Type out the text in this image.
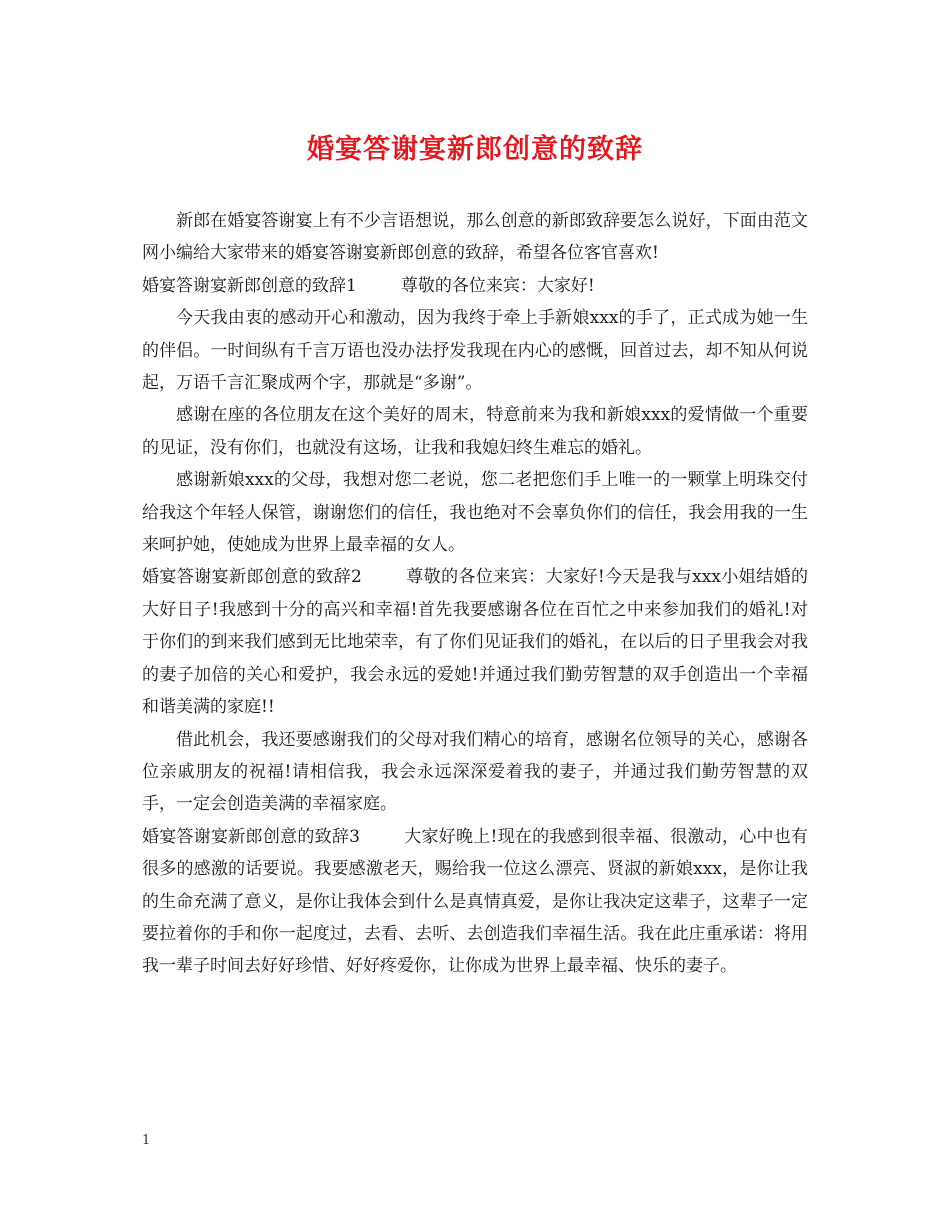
婚宴答谢宴新郎创意的致辞

新郎在婚宴答谢宴上有不少言语想说，那么创意的新郎致辞要怎么说好，下面由范文网小编给大家带来的婚宴答谢宴新郎创意的致辞，希望各位客官喜欢!

婚宴答谢宴新郎创意的致辞1	尊敬的各位来宾：大家好!

今天我由衷的感动开心和激动，因为我终于牵上手新娘xxx的手了，正式成为她一生的伴侣。一时间纵有千言万语也没办法抒发我现在内心的感慨，回首过去，却不知从何说起，万语千言汇聚成两个字，那就是“多谢”。

感谢在座的各位朋友在这个美好的周末，特意前来为我和新娘xxx的爱情做一个重要的见证，没有你们，也就没有这场，让我和我媳妇终生难忘的婚礼。

感谢新娘xxx的父母，我想对您二老说，您二老把您们手上唯一的一颗掌上明珠交付给我这个年轻人保管，谢谢您们的信任，我也绝对不会辜负你们的信任，我会用我的一生来呵护她，使她成为世界上最幸福的女人。

婚宴答谢宴新郎创意的致辞2	尊敬的各位来宾：大家好!今天是我与xxx小姐结婚的大好日子!我感到十分的高兴和幸福!首先我要感谢各位在百忙之中来参加我们的婚礼!对于你们的到来我们感到无比地荣幸，有了你们见证我们的婚礼，在以后的日子里我会对我的妻子加倍的关心和爱护，我会永远的爱她!并通过我们勤劳智慧的双手创造出一个幸福和谐美满的家庭!!

借此机会，我还要感谢我们的父母对我们精心的培育，感谢名位领导的关心，感谢各位亲戚朋友的祝福!请相信我，我会永远深深爱着我的妻子，并通过我们勤劳智慧的双手，一定会创造美满的幸福家庭。

婚宴答谢宴新郎创意的致辞3	大家好晚上!现在的我感到很幸福、很激动，心中也有很多的感激的话要说。我要感激老天，赐给我一位这么漂亮、贤淑的新娘xxx，是你让我的生命充满了意义，是你让我体会到什么是真情真爱，是你让我决定这辈子，这辈子一定要拉着你的手和你一起度过，去看、去听、去创造我们幸福生活。我在此庄重承诺：将用我一辈子时间去好好珍惜、好好疼爱你，让你成为世界上最幸福、快乐的妻子。

1
